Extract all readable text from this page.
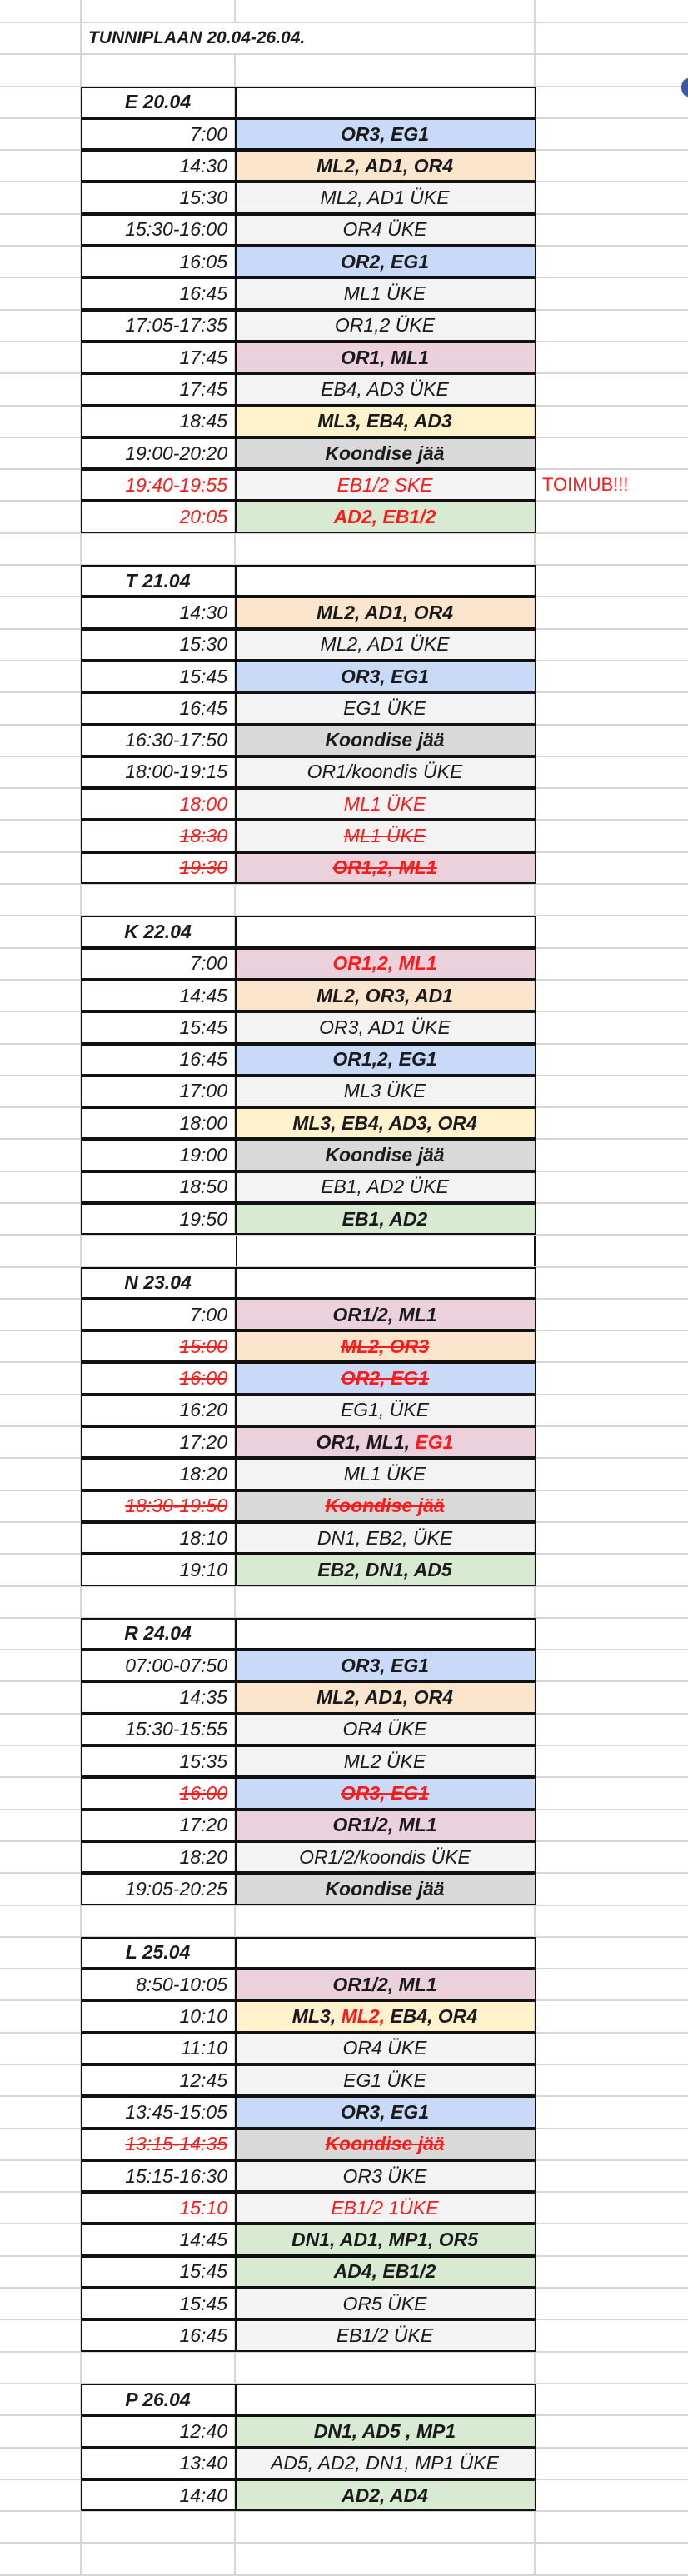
TUNNIPLAAN 20.04-26.04.
E 20.04
7:00	OR3, EG1
14:30	ML2, AD1, OR4
15:30	ML2, AD1 ÜKE
15:30-16:00	OR4 ÜKE
16:05	OR2, EG1
16:45	ML1 ÜKE
17:05-17:35	OR1,2 ÜKE
17:45	OR1, ML1
17:45	EB4, AD3 ÜKE
18:45	ML3, EB4, AD3
19:00-20:20	Koondise jää
19:40-19:55	EB1/2 SKE	TOIMUB!!!
20:05	AD2, EB1/2
T 21.04
14:30	ML2, AD1, OR4
15:30	ML2, AD1 ÜKE
15:45	OR3, EG1
16:45	EG1 ÜKE
16:30-17:50	Koondise jää
18:00-19:15	OR1/koondis ÜKE
18:00	ML1 ÜKE
18:30	ML1 ÜKE
19:30	OR1,2, ML1
K 22.04
7:00	OR1,2, ML1
14:45	ML2, OR3, AD1
15:45	OR3, AD1 ÜKE
16:45	OR1,2, EG1
17:00	ML3 ÜKE
18:00	ML3, EB4, AD3, OR4
19:00	Koondise jää
18:50	EB1, AD2 ÜKE
19:50	EB1, AD2
N 23.04
7:00	OR1/2, ML1
15:00	ML2, OR3
16:00	OR2, EG1
16:20	EG1, ÜKE
17:20	OR1, ML1, EG1
18:20	ML1 ÜKE
18:30-19:50	Koondise jää
18:10	DN1, EB2, ÜKE
19:10	EB2, DN1, AD5
R 24.04
07:00-07:50	OR3, EG1
14:35	ML2, AD1, OR4
15:30-15:55	OR4 ÜKE
15:35	ML2 ÜKE
16:00	OR3, EG1
17:20	OR1/2, ML1
18:20	OR1/2/koondis ÜKE
19:05-20:25	Koondise jää
L 25.04
8:50-10:05	OR1/2, ML1
10:10	ML3, ML2, EB4, OR4
11:10	OR4 ÜKE
12:45	EG1 ÜKE
13:45-15:05	OR3, EG1
13:15-14:35	Koondise jää
15:15-16:30	OR3 ÜKE
15:10	EB1/2 1ÜKE
14:45	DN1, AD1, MP1, OR5
15:45	AD4, EB1/2
15:45	OR5 ÜKE
16:45	EB1/2 ÜKE
P 26.04
12:40	DN1, AD5 , MP1
13:40 AD5, AD2, DN1, MP1 ÜKE
14:40	AD2, AD4
